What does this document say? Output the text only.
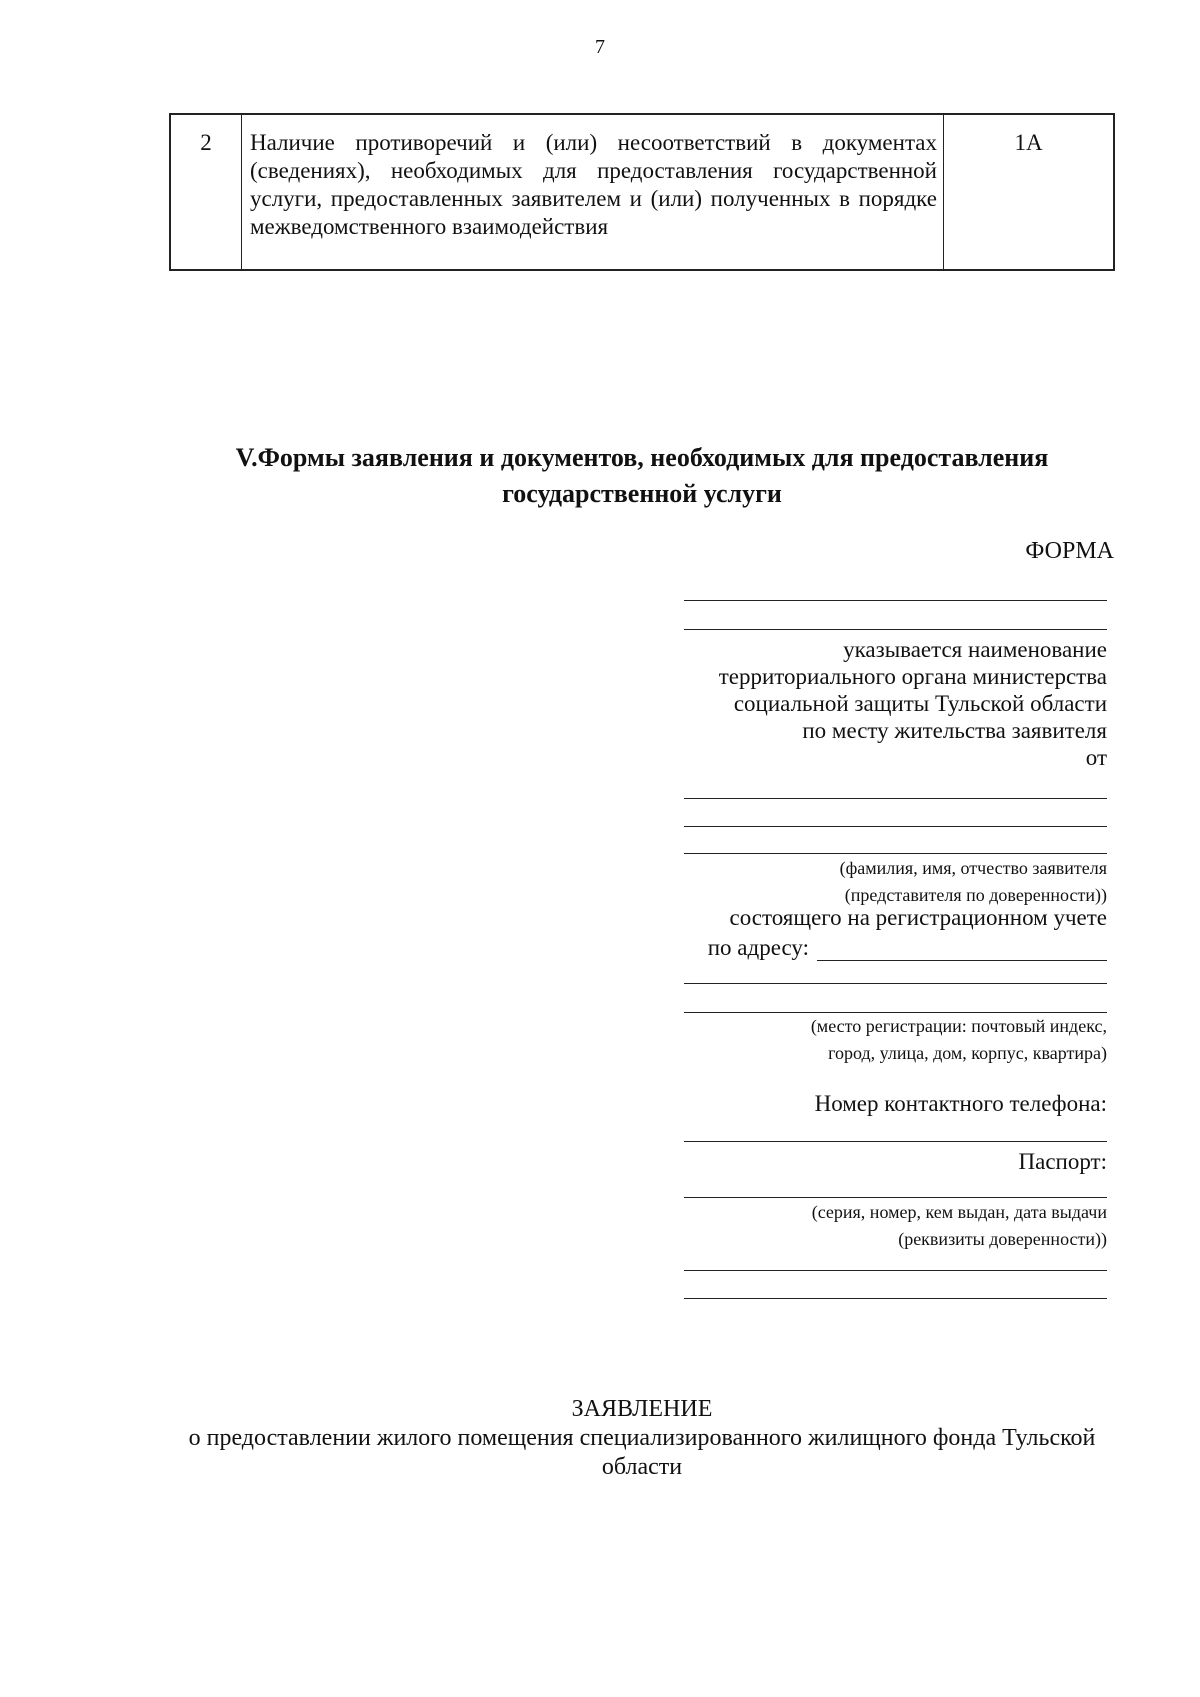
7
2	Наличие противоречий и (или) несоответствий в документах (сведениях), необходимых для предоставления государственной услуги, предоставленных заявителем и (или) полученных в порядке межведомственного взаимодействия	1А
V.Формы заявления и документов, необходимых для предоставления
государственной услуги
ФОРМА
указывается наименование
территориального органа министерства
социальной защиты Тульской области
по месту жительства заявителя
от
(фамилия, имя, отчество заявителя
(представителя по доверенности))
состоящего на регистрационном учете
по адресу:
(место регистрации: почтовый индекс,
город, улица, дом, корпус, квартира)
Номер контактного телефона:
Паспорт:
(серия, номер, кем выдан, дата выдачи
(реквизиты доверенности))
ЗАЯВЛЕНИЕ
о предоставлении жилого помещения специализированного жилищного фонда Тульской
области
